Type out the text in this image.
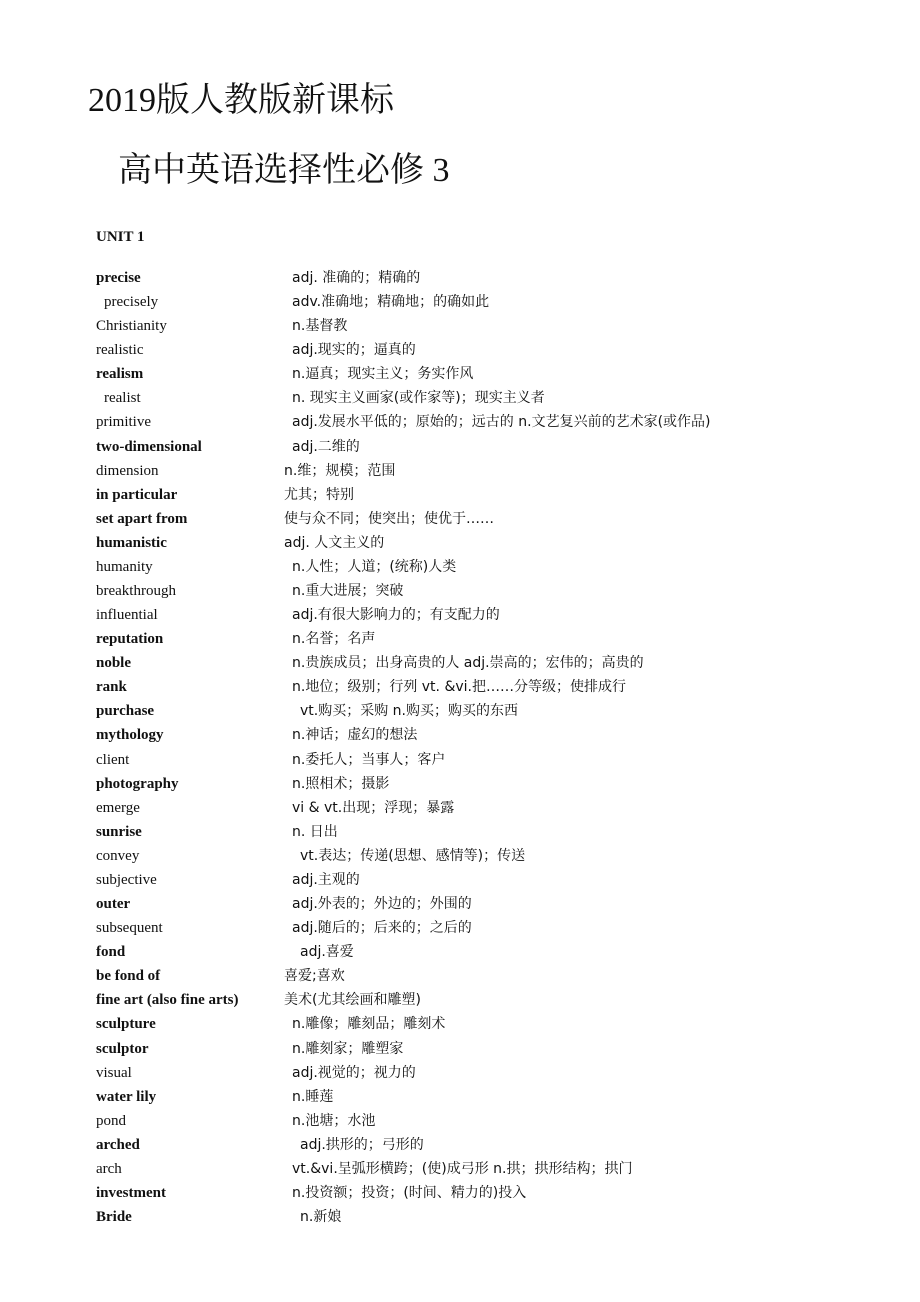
2019版人教版新课标
高中英语选择性必修 3
UNIT 1
precise	adj. 准确的；精确的
precisely	adv.准确地；精确地；的确如此
Christianity	n.基督教
realistic	adj.现实的；逼真的
realism	n.逼真；现实主义；务实作风
realist	n. 现实主义画家(或作家等)；现实主义者
primitive	adj.发展水平低的；原始的；远古的 n.文艺复兴前的艺术家(或作品)
two-dimensional	adj.二维的
dimension	n.维；规模；范围
in particular	尤其；特别
set apart from	使与众不同；使突出；使优于……
humanistic	adj. 人文主义的
humanity	n.人性；人道；(统称)人类
breakthrough	n.重大进展；突破
influential	adj.有很大影响力的；有支配力的
reputation	n.名誉；名声
noble	n.贵族成员；出身高贵的人 adj.崇高的；宏伟的；高贵的
rank	n.地位；级别；行列 vt. &vi.把……分等级；使排成行
purchase	vt.购买；采购 n.购买；购买的东西
mythology	n.神话；虚幻的想法
client	n.委托人；当事人；客户
photography	n.照相术；摄影
emerge	vi & vt.出现；浮现；暴露
sunrise	n. 日出
convey	vt.表达；传递(思想、感情等)；传送
subjective	adj.主观的
outer	adj.外表的；外边的；外围的
subsequent	adj.随后的；后来的；之后的
fond	adj.喜爱
be fond of	喜爱;喜欢
fine art (also fine arts)	美术(尤其绘画和雕塑)
sculpture	n.雕像；雕刻品；雕刻术
sculptor	n.雕刻家；雕塑家
visual	adj.视觉的；视力的
water lily	n.睡莲
pond	n.池塘；水池
arched	adj.拱形的；弓形的
arch	vt.&vi.呈弧形横跨；(使)成弓形 n.拱；拱形结构；拱门
investment	n.投资额；投资；(时间、精力的)投入
Bride	n.新娘
